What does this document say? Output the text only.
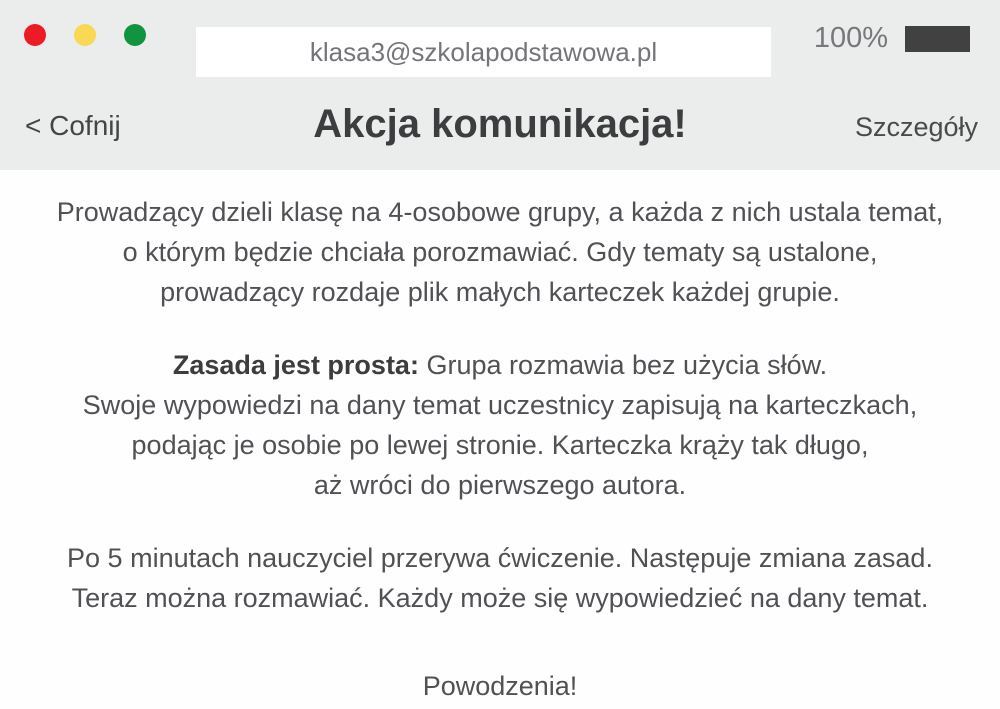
klasa3@szkolapodstawowa.pl	100%
< Cofnij	Akcja komunikacja!	Szczegóły
Prowadzący dzieli klasę na 4-osobowe grupy, a każda z nich ustala temat,
o którym będzie chciała porozmawiać. Gdy tematy są ustalone,
prowadzący rozdaje plik małych karteczek każdej grupie.
Zasada jest prosta: Grupa rozmawia bez użycia słów.
Swoje wypowiedzi na dany temat uczestnicy zapisują na karteczkach,
podając je osobie po lewej stronie. Karteczka krąży tak długo,
aż wróci do pierwszego autora.
Po 5 minutach nauczyciel przerywa ćwiczenie. Następuje zmiana zasad.
Teraz można rozmawiać. Każdy może się wypowiedzieć na dany temat.
Powodzenia!
